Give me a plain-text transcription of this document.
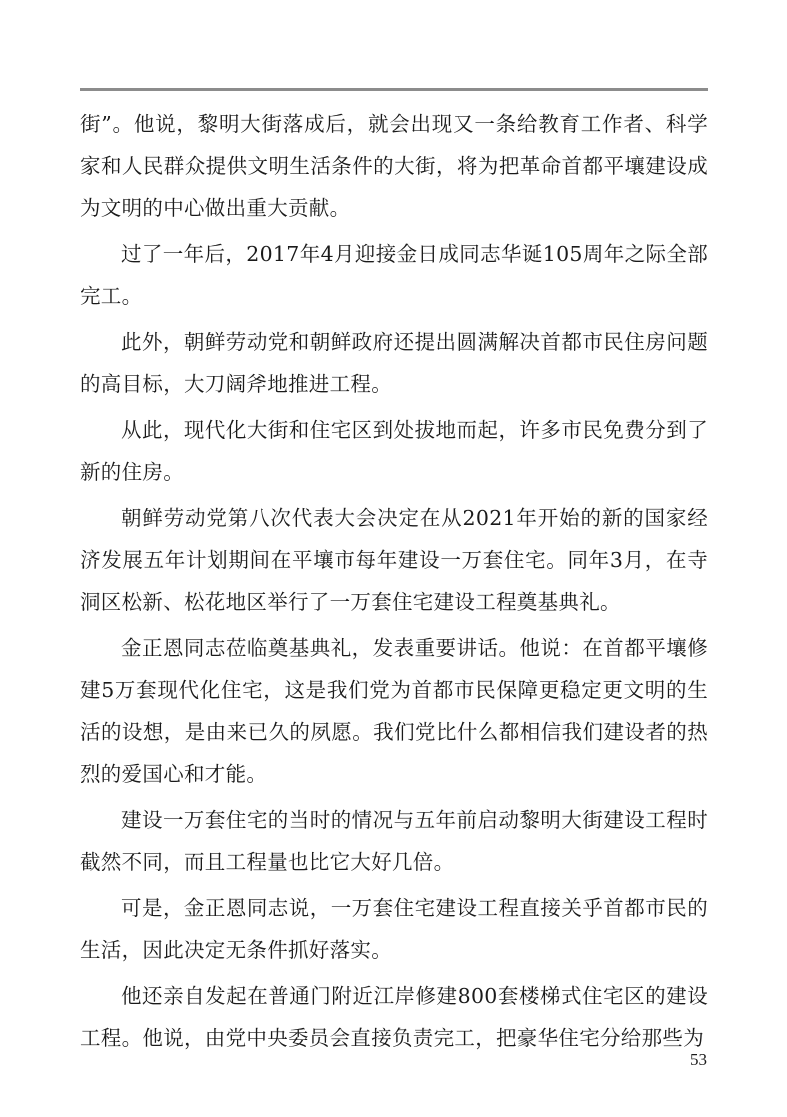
街”。他说，黎明大街落成后，就会出现又一条给教育工作者、科学家和人民群众提供文明生活条件的大街，将为把革命首都平壤建设成为文明的中心做出重大贡献。

过了一年后，2017年4月迎接金日成同志华诞105周年之际全部完工。

此外，朝鲜劳动党和朝鲜政府还提出圆满解决首都市民住房问题的高目标，大刀阔斧地推进工程。

从此，现代化大街和住宅区到处拔地而起，许多市民免费分到了新的住房。

朝鲜劳动党第八次代表大会决定在从2021年开始的新的国家经济发展五年计划期间在平壤市每年建设一万套住宅。同年3月，在寺洞区松新、松花地区举行了一万套住宅建设工程奠基典礼。

金正恩同志莅临奠基典礼，发表重要讲话。他说：在首都平壤修建5万套现代化住宅，这是我们党为首都市民保障更稳定更文明的生活的设想，是由来已久的夙愿。我们党比什么都相信我们建设者的热烈的爱国心和才能。

建设一万套住宅的当时的情况与五年前启动黎明大街建设工程时截然不同，而且工程量也比它大好几倍。

可是，金正恩同志说，一万套住宅建设工程直接关乎首都市民的生活，因此决定无条件抓好落实。

他还亲自发起在普通门附近江岸修建800套楼梯式住宅区的建设工程。他说，由党中央委员会直接负责完工，把豪华住宅分给那些为

53
